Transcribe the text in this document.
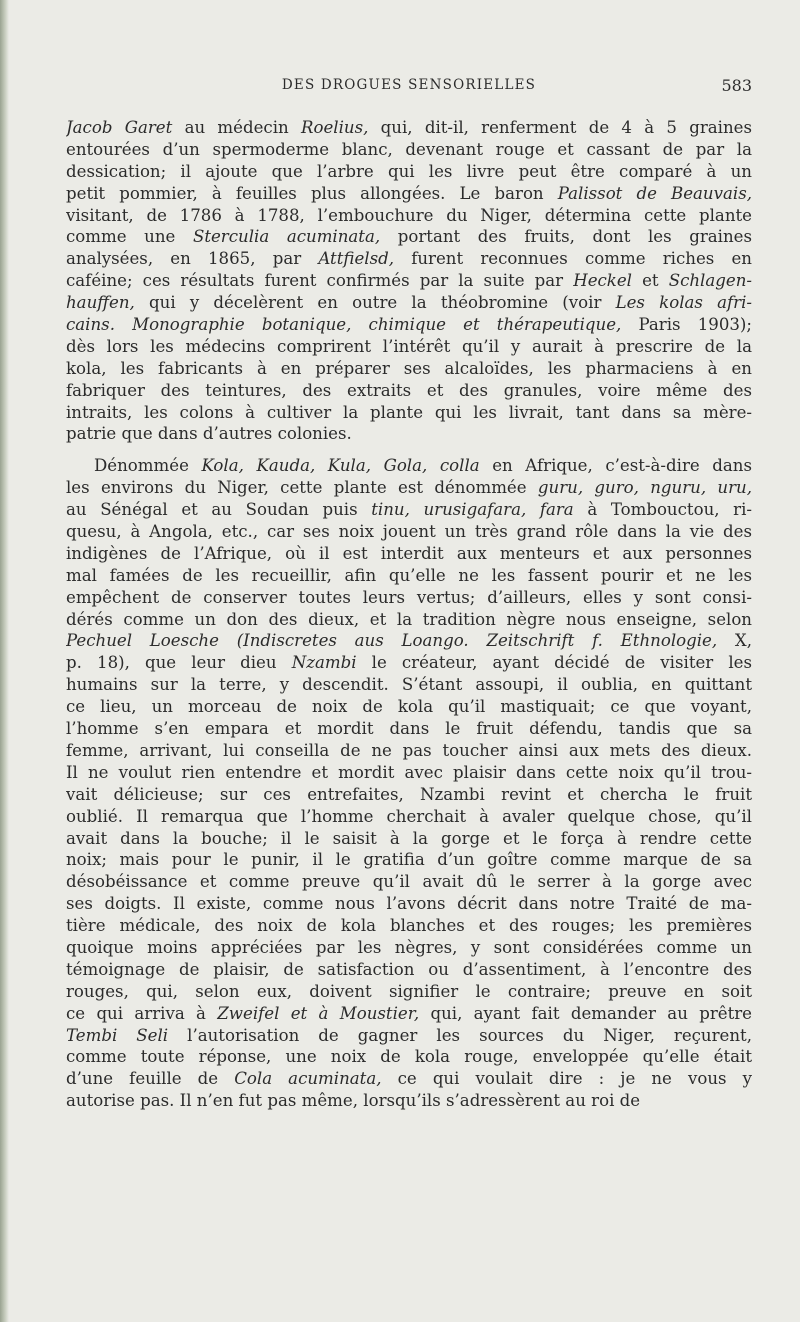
DES DROGUES SENSORIELLES	583
Jacob Garet au médecin Roelius, qui, dit-il, renferment de 4 à 5 graines
entourées d’un spermoderme blanc, devenant rouge et cassant de par la
dessication; il ajoute que l’arbre qui les livre peut être comparé à un
petit pommier, à feuilles plus allongées. Le baron Palissot de Beauvais,
visitant, de 1786 à 1788, l’embouchure du Niger, détermina cette plante
comme une Sterculia acuminata, portant des fruits, dont les graines
analysées, en 1865, par Attfielsd, furent reconnues comme riches en
caféine; ces résultats furent confirmés par la suite par Heckel et Schlagen-
hauffen, qui y décelèrent en outre la théobromine (voir Les kolas afri-
cains. Monographie botanique, chimique et thérapeutique, Paris 1903);
dès lors les médecins comprirent l’intérêt qu’il y aurait à prescrire de la
kola, les fabricants à en préparer ses alcaloïdes, les pharmaciens à en
fabriquer des teintures, des extraits et des granules, voire même des
intraits, les colons à cultiver la plante qui les livrait, tant dans sa mère-
patrie que dans d’autres colonies.
Dénommée Kola, Kauda, Kula, Gola, colla en Afrique, c’est-à-dire dans
les environs du Niger, cette plante est dénommée guru, guro, nguru, uru,
au Sénégal et au Soudan puis tinu, urusigafara, fara à Tombouctou, ri-
quesu, à Angola, etc., car ses noix jouent un très grand rôle dans la vie des
indigènes de l’Afrique, où il est interdit aux menteurs et aux personnes
mal famées de les recueillir, afin qu’elle ne les fassent pourir et ne les
empêchent de conserver toutes leurs vertus; d’ailleurs, elles y sont consi-
dérés comme un don des dieux, et la tradition nègre nous enseigne, selon
Pechuel Loesche (Indiscretes aus Loango. Zeitschrift f. Ethnologie, X,
p. 18), que leur dieu Nzambi le créateur, ayant décidé de visiter les
humains sur la terre, y descendit. S’étant assoupi, il oublia, en quittant
ce lieu, un morceau de noix de kola qu’il mastiquait; ce que voyant,
l’homme s’en empara et mordit dans le fruit défendu, tandis que sa
femme, arrivant, lui conseilla de ne pas toucher ainsi aux mets des dieux.
Il ne voulut rien entendre et mordit avec plaisir dans cette noix qu’il trou-
vait délicieuse; sur ces entrefaites, Nzambi revint et chercha le fruit
oublié. Il remarqua que l’homme cherchait à avaler quelque chose, qu’il
avait dans la bouche; il le saisit à la gorge et le força à rendre cette
noix; mais pour le punir, il le gratifia d’un goître comme marque de sa
désobéissance et comme preuve qu’il avait dû le serrer à la gorge avec
ses doigts. Il existe, comme nous l’avons décrit dans notre Traité de ma-
tière médicale, des noix de kola blanches et des rouges; les premières
quoique moins appréciées par les nègres, y sont considérées comme un
témoignage de plaisir, de satisfaction ou d’assentiment, à l’encontre des
rouges, qui, selon eux, doivent signifier le contraire; preuve en soit
ce qui arriva à Zweifel et à Moustier, qui, ayant fait demander au prêtre
Tembi Seli l’autorisation de gagner les sources du Niger, reçurent,
comme toute réponse, une noix de kola rouge, enveloppée qu’elle était
d’une feuille de Cola acuminata, ce qui voulait dire : je ne vous y
autorise pas. Il n’en fut pas même, lorsqu’ils s’adressèrent au roi de
